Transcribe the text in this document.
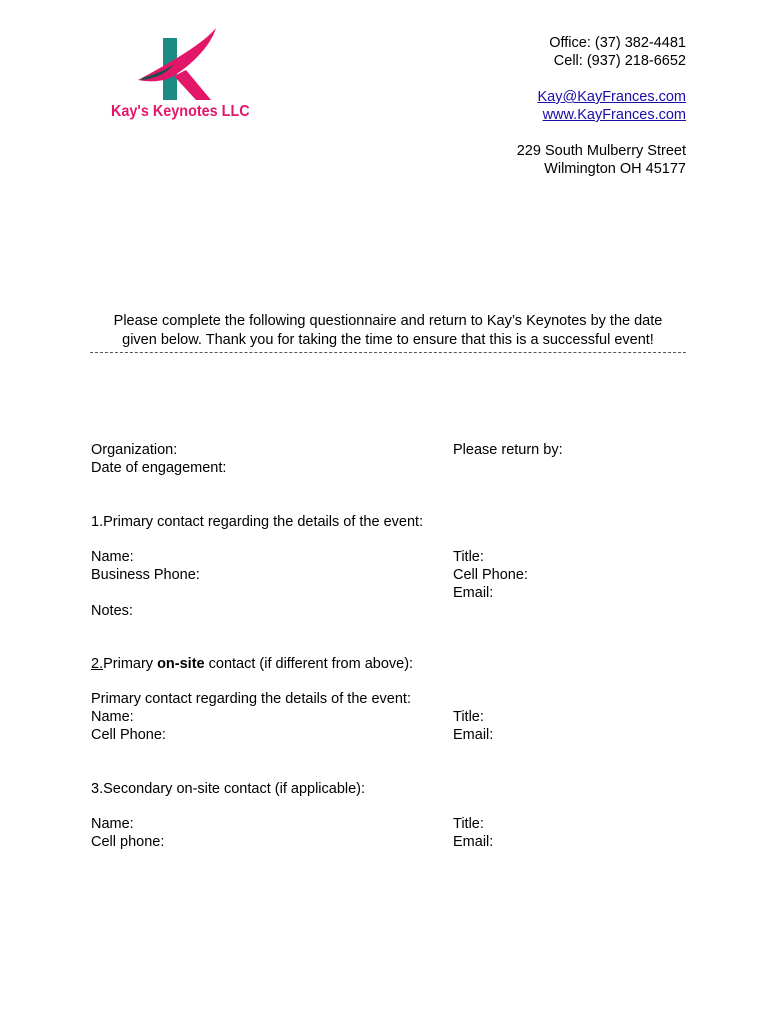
Kay's Keynotes LLC
Office: (37) 382-4481
Cell: (937) 218-6652
Kay@KayFrances.com
www.KayFrances.com
229 South Mulberry Street
Wilmington OH 45177
Please complete the following questionnaire and return to Kay’s Keynotes by the date
given below. Thank you for taking the time to ensure that this is a successful event!
Organization:
Date of engagement:
Please return by:
1.Primary contact regarding the details of the event:
Name:
Business Phone:
Notes:
Title:
Cell Phone:
Email:
2.Primary on-site contact (if different from above):
Primary contact regarding the details of the event:
Name:
Cell Phone:
Title:
Email:
3.Secondary on-site contact (if applicable):
Name:
Cell phone:
Title:
Email:
